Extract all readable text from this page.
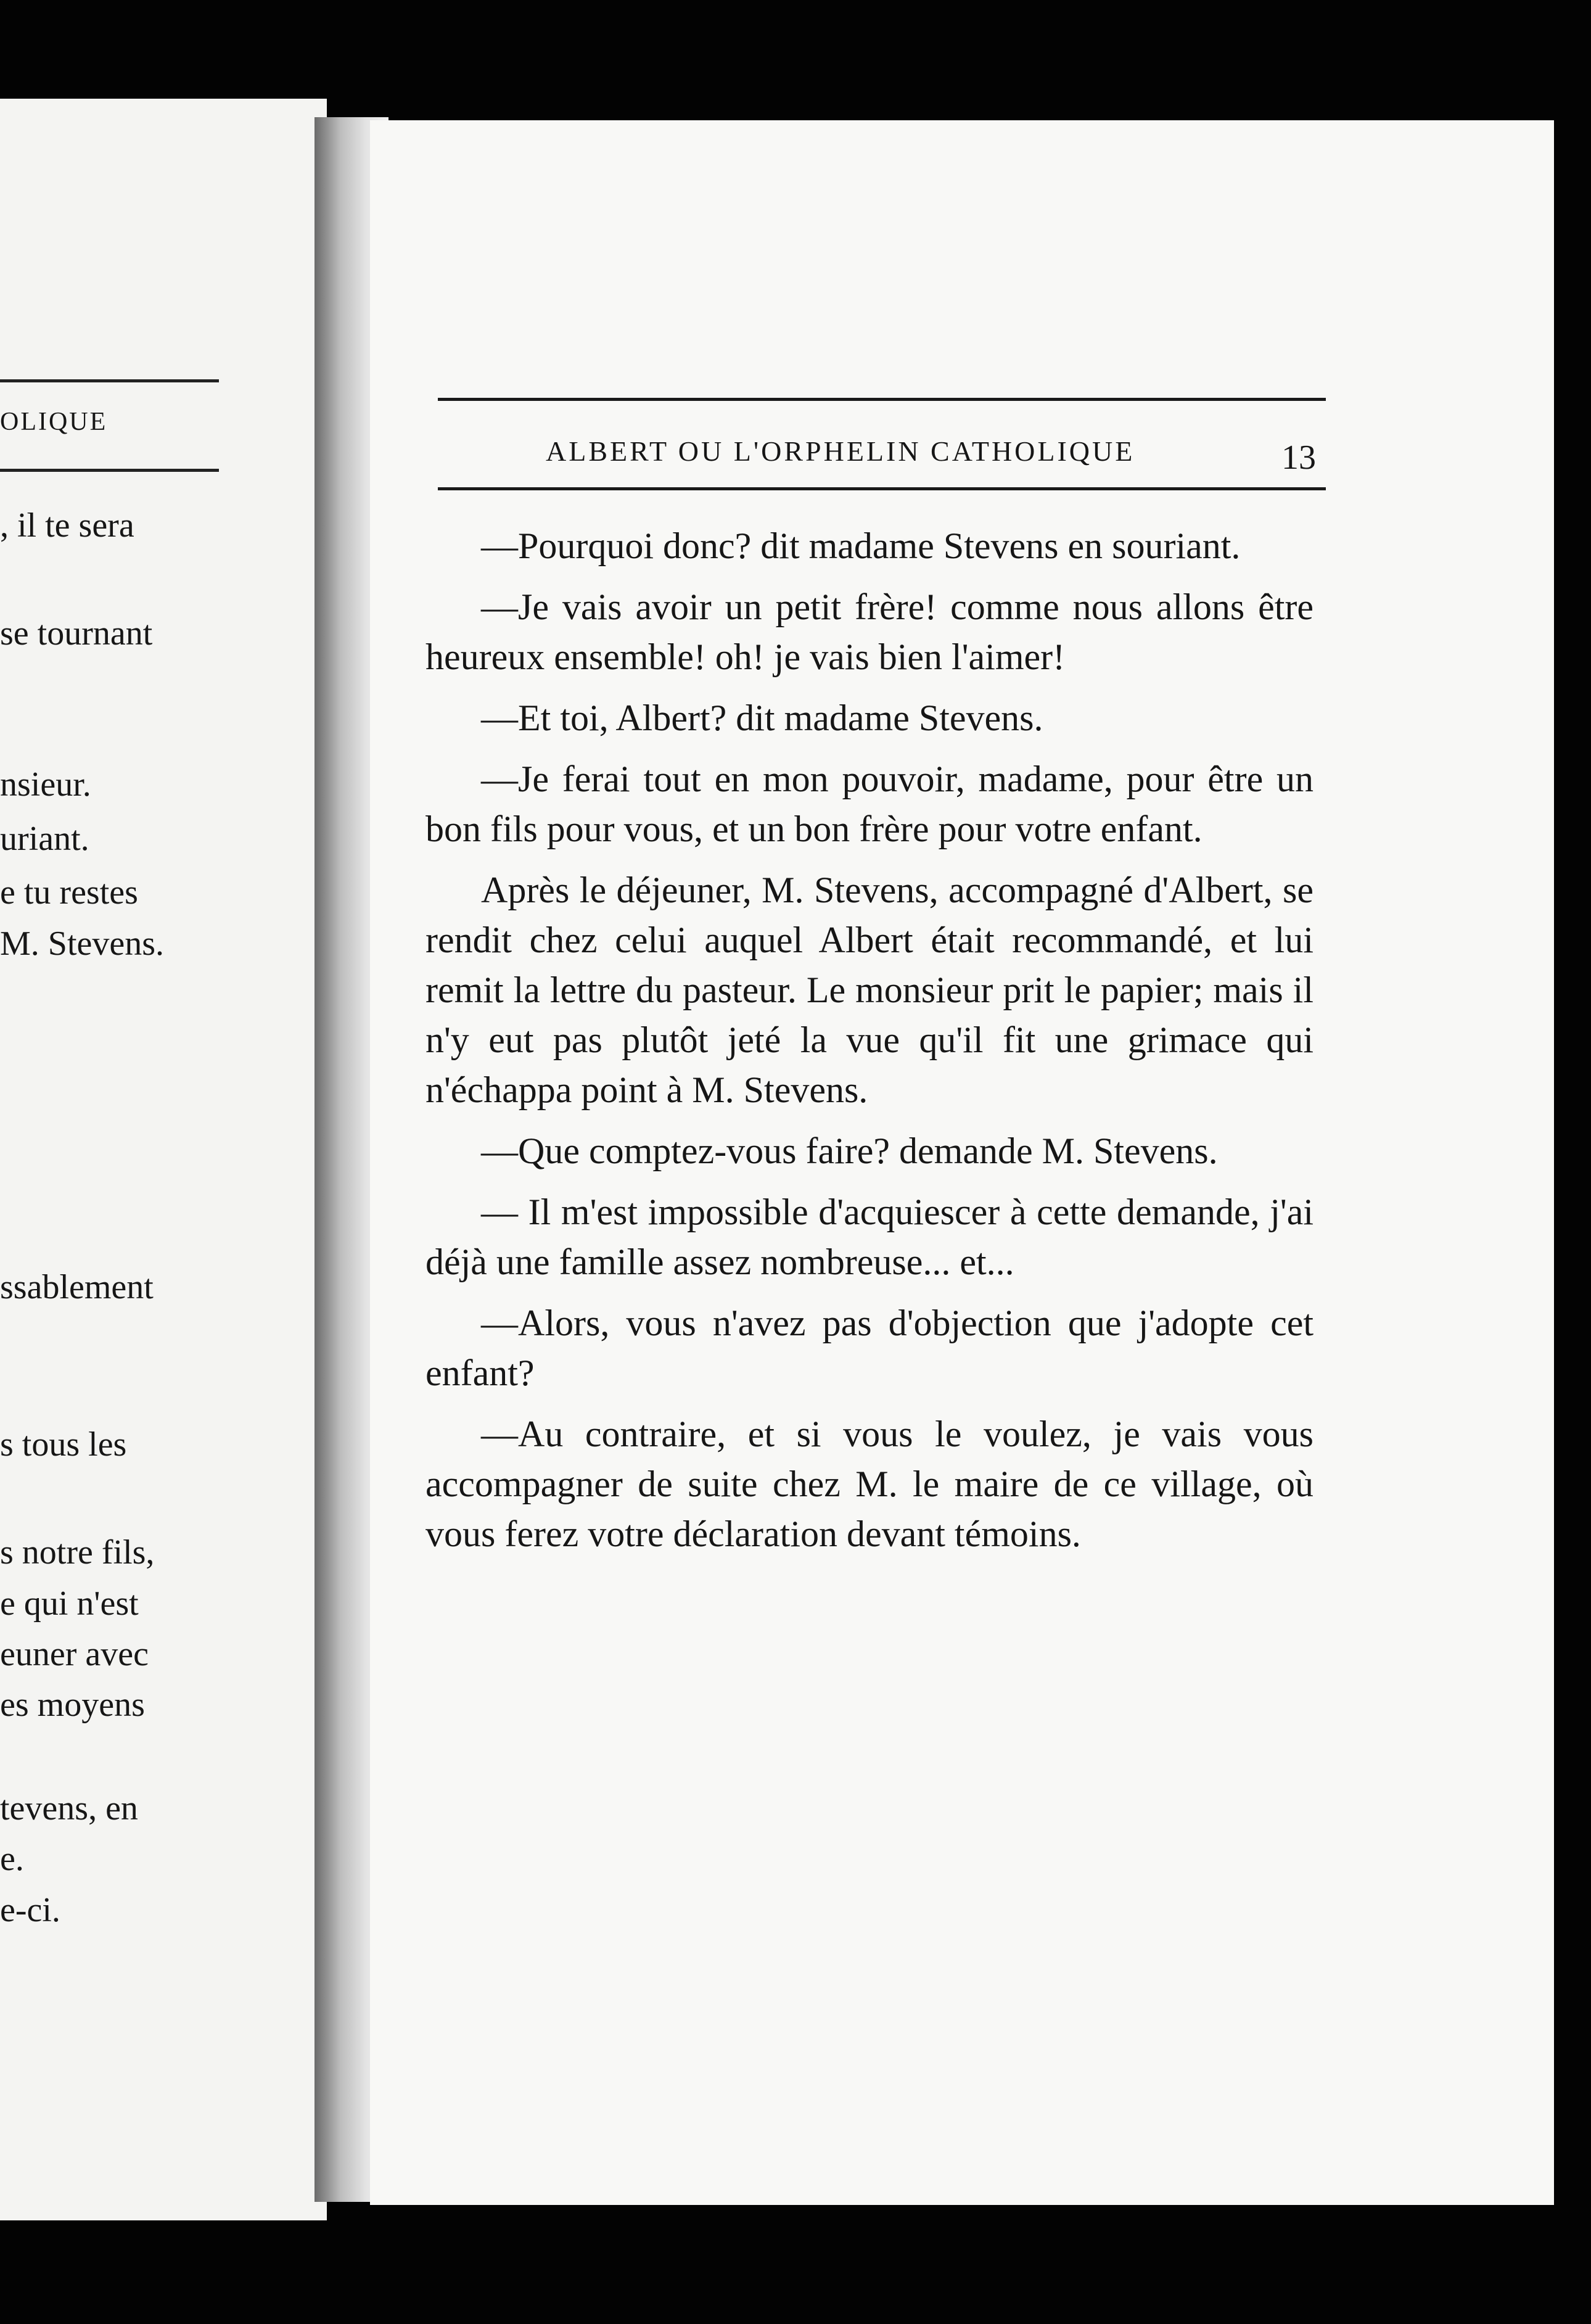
OLIQUE
, il te sera
se tournant
nsieur.
uriant.
e tu restes
M. Stevens.
ssablement
s tous les
s notre fils,
e qui n'est
euner avec
es moyens
tevens, en
e.
e-ci.
ALBERT OU L'ORPHELIN CATHOLIQUE	13

—Pourquoi donc? dit madame Stevens en souriant.

—Je vais avoir un petit frère! comme nous allons être heureux ensemble! oh! je vais bien l'aimer!

—Et toi, Albert? dit madame Stevens.

—Je ferai tout en mon pouvoir, madame, pour être un bon fils pour vous, et un bon frère pour votre enfant.

Après le déjeuner, M. Stevens, accompagné d'Albert, se rendit chez celui auquel Albert était recommandé, et lui remit la lettre du pasteur. Le monsieur prit le papier; mais il n'y eut pas plutôt jeté la vue qu'il fit une grimace qui n'échappa point à M. Stevens.

—Que comptez-vous faire? demande M. Stevens.

— Il m'est impossible d'acquiescer à cette demande, j'ai déjà une famille assez nombreuse... et...

—Alors, vous n'avez pas d'objection que j'adopte cet enfant?

—Au contraire, et si vous le voulez, je vais vous accompagner de suite chez M. le maire de ce village, où vous ferez votre déclaration devant témoins.
